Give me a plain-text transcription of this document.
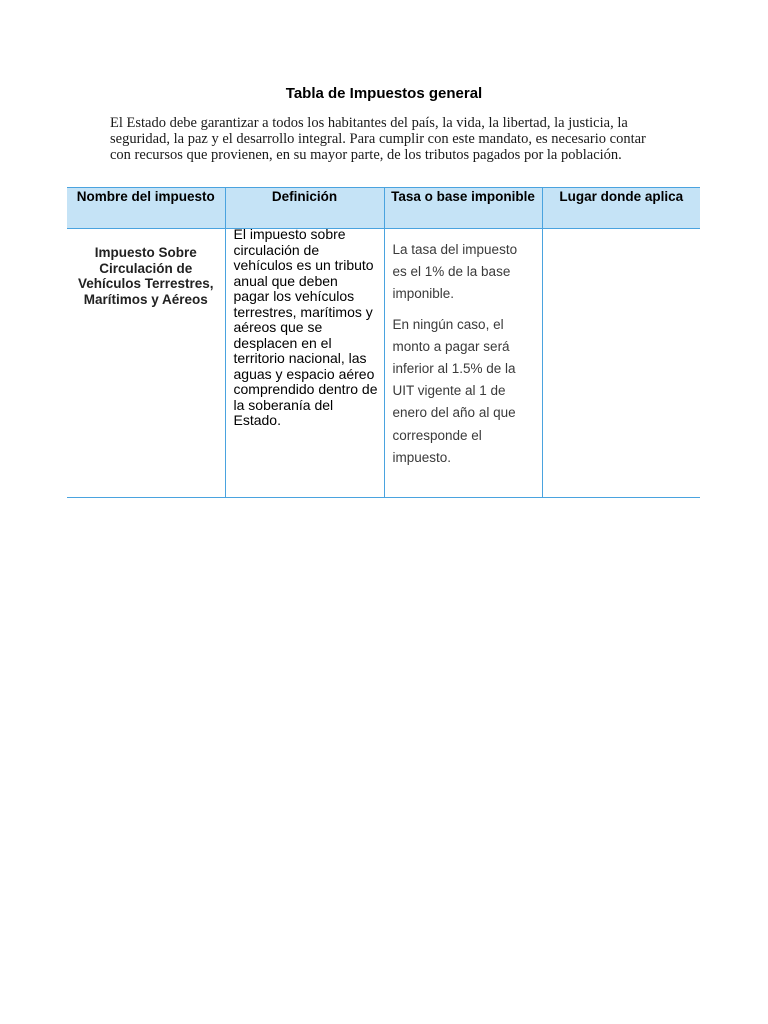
Tabla de Impuestos general

El Estado debe garantizar a todos los habitantes del país, la vida, la libertad, la justicia, la seguridad, la paz y el desarrollo integral. Para cumplir con este mandato, es necesario contar con recursos que provienen, en su mayor parte, de los tributos pagados por la población.

Nombre del impuesto	Definición	Tasa o base imponible	Lugar donde aplica
Impuesto Sobre Circulación de Vehículos Terrestres, Marítimos y Aéreos	El impuesto sobre circulación de vehículos es un tributo anual que deben pagar los vehículos terrestres, marítimos y aéreos que se desplacen en el territorio nacional, las aguas y espacio aéreo comprendido dentro de la soberanía del Estado.	La tasa del impuesto es el 1% de la base imponible.

En ningún caso, el monto a pagar será inferior al 1.5% de la UIT vigente al 1 de enero del año al que corresponde el impuesto.	
